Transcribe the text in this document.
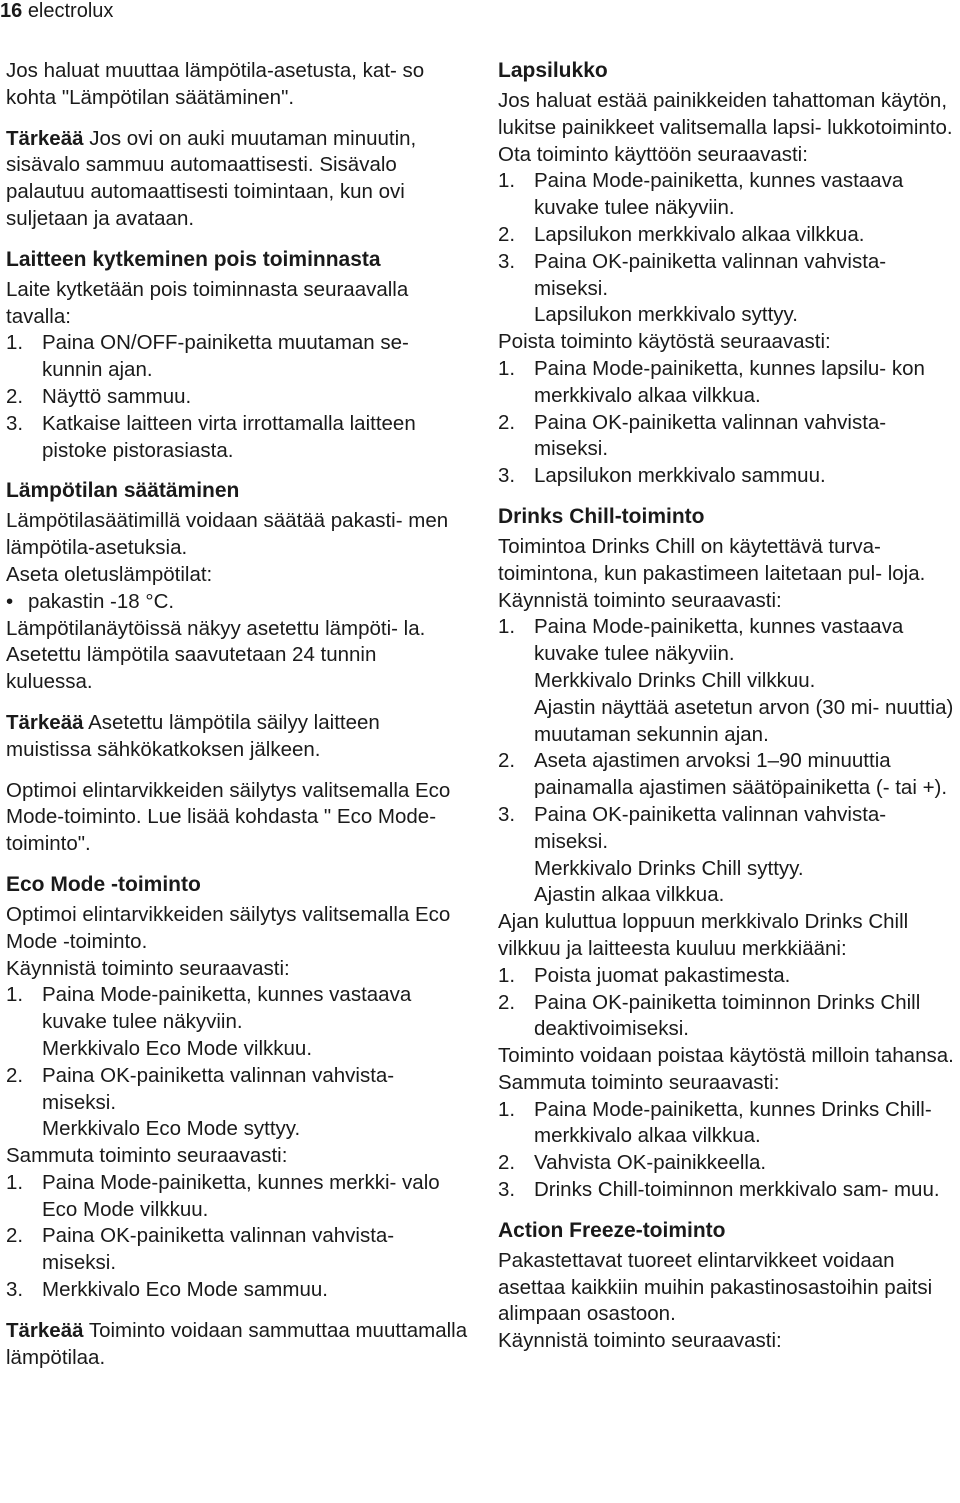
16 electrolux

Jos haluat muuttaa lämpötila-asetusta, kat- so kohta "Lämpötilan säätäminen".

Tärkeää Jos ovi on auki muutaman minuutin, sisävalo sammuu automaattisesti. Sisävalo palautuu automaattisesti toimintaan, kun ovi suljetaan ja avataan.

Laitteen kytkeminen pois toiminnasta

Laite kytketään pois toiminnasta seuraavalla tavalla:

1. Paina ON/OFF-painiketta muutaman se- kunnin ajan.
2. Näyttö sammuu.
3. Katkaise laitteen virta irrottamalla laitteen pistoke pistorasiasta.
Lämpötilan säätäminen

Lämpötilasäätimillä voidaan säätää pakasti- men lämpötila-asetuksia.

Aseta oletuslämpötilat:

• pakastin -18 °C.

Lämpötilanäytöissä näkyy asetettu lämpöti- la.

Asetettu lämpötila saavutetaan 24 tunnin kuluessa.

Tärkeää Asetettu lämpötila säilyy laitteen muistissa sähkökatkoksen jälkeen.

Optimoi elintarvikkeiden säilytys valitsemalla Eco Mode-toiminto. Lue lisää kohdasta " Eco Mode-toiminto".

Eco Mode -toiminto

Optimoi elintarvikkeiden säilytys valitsemalla Eco Mode -toiminto.

Käynnistä toiminto seuraavasti:

1. Paina Mode-painiketta, kunnes vastaava kuvake tulee näkyviin.
Merkkivalo Eco Mode vilkkuu.
2. Paina OK-painiketta valinnan vahvista- miseksi.
Merkkivalo Eco Mode syttyy.

Sammuta toiminto seuraavasti:

1. Paina Mode-painiketta, kunnes merkki- valo Eco Mode vilkkuu.
2. Paina OK-painiketta valinnan vahvista- miseksi.
3. Merkkivalo Eco Mode sammuu.

Tärkeää Toiminto voidaan sammuttaa muuttamalla lämpötilaa.

Lapsilukko

Jos haluat estää painikkeiden tahattoman käytön, lukitse painikkeet valitsemalla lapsi- lukkotoiminto.

Ota toiminto käyttöön seuraavasti:

1. Paina Mode-painiketta, kunnes vastaava kuvake tulee näkyviin.
2. Lapsilukon merkkivalo alkaa vilkkua.
3. Paina OK-painiketta valinnan vahvista- miseksi.
Lapsilukon merkkivalo syttyy.

Poista toiminto käytöstä seuraavasti:

1. Paina Mode-painiketta, kunnes lapsilu- kon merkkivalo alkaa vilkkua.
2. Paina OK-painiketta valinnan vahvista- miseksi.
3. Lapsilukon merkkivalo sammuu.
Drinks Chill-toiminto

Toimintoa Drinks Chill on käytettävä turva- toimintona, kun pakastimeen laitetaan pul- loja.

Käynnistä toiminto seuraavasti:

1. Paina Mode-painiketta, kunnes vastaava kuvake tulee näkyviin.
Merkkivalo Drinks Chill vilkkuu.
Ajastin näyttää asetetun arvon (30 mi- nuuttia) muutaman sekunnin ajan.
2. Aseta ajastimen arvoksi 1–90 minuuttia painamalla ajastimen säätöpainiketta (- tai +).
3. Paina OK-painiketta valinnan vahvista- miseksi.
Merkkivalo Drinks Chill syttyy.
Ajastin alkaa vilkkua.

Ajan kuluttua loppuun merkkivalo Drinks Chill vilkkuu ja laitteesta kuuluu merkkiääni:

1. Poista juomat pakastimesta.
2. Paina OK-painiketta toiminnon Drinks Chill deaktivoimiseksi.

Toiminto voidaan poistaa käytöstä milloin tahansa.

Sammuta toiminto seuraavasti:

1. Paina Mode-painiketta, kunnes Drinks Chill-merkkivalo alkaa vilkkua.
2. Vahvista OK-painikkeella.
3. Drinks Chill-toiminnon merkkivalo sam- muu.
Action Freeze-toiminto

Pakastettavat tuoreet elintarvikkeet voidaan asettaa kaikkiin muihin pakastinosastoihin paitsi alimpaan osastoon.

Käynnistä toiminto seuraavasti:
